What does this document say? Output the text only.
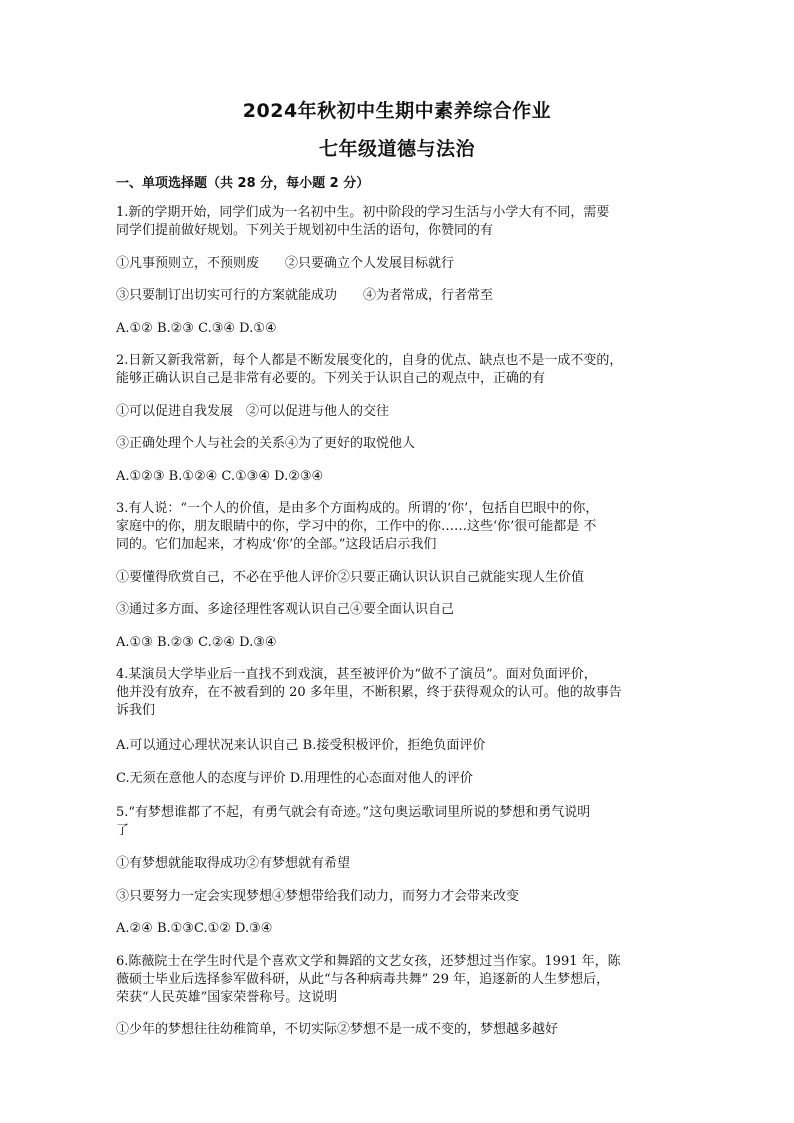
2024年秋初中生期中素养综合作业
七年级道德与法治
一、单项选择题（共 28 分，每小题 2 分）
1.新的学期开始，同学们成为一名初中生。初中阶段的学习生活与小学大有不同，需要
同学们提前做好规划。下列关于规划初中生活的语句，你赞同的有
①凡事预则立，不预则废　　②只要确立个人发展目标就行
③只要制订出切实可行的方案就能成功　　④为者常成，行者常至
A.①② B.②③ C.③④ D.①④
2.日新又新我常新，每个人都是不断发展变化的，自身的优点、缺点也不是一成不变的，
能够正确认识自己是非常有必要的。下列关于认识自己的观点中，正确的有
①可以促进自我发展　②可以促进与他人的交往
③正确处理个人与社会的关系④为了更好的取悦他人
A.①②③ B.①②④ C.①③④ D.②③④
3.有人说：“一个人的价值，是由多个方面构成的。所谓的‘你’，包括自巴眼中的你，
家庭中的你，朋友眼睛中的你，学习中的你，工作中的你……这些‘你’很可能都是 不
同的。它们加起来，才构成‘你’的全部。”这段话启示我们
①要懂得欣赏自己，不必在乎他人评价②只要正确认识认识自己就能实现人生价值
③通过多方面、多途径理性客观认识自己④要全面认识自己
A.①③ B.②③ C.②④ D.③④
4.某演员大学毕业后一直找不到戏演，甚至被评价为“做不了演员”。面对负面评价，
他并没有放弃，在不被看到的 20 多年里，不断积累，终于获得观众的认可。他的故事告
诉我们
A.可以通过心理状况来认识自己 B.接受积极评价，拒绝负面评价
C.无须在意他人的态度与评价 D.用理性的心态面对他人的评价
5.“有梦想谁都了不起，有勇气就会有奇迹。”这句奥运歌词里所说的梦想和勇气说明
了
①有梦想就能取得成功②有梦想就有希望
③只要努力一定会实现梦想④梦想带给我们动力，而努力才会带来改变
A.②④ B.①③C.①② D.③④
6.陈薇院士在学生时代是个喜欢文学和舞蹈的文艺女孩，还梦想过当作家。1991 年，陈
薇硕士毕业后选择参军做科研，从此“与各种病毒共舞” 29 年，追逐新的人生梦想后，
荣获“人民英雄”国家荣誉称号。这说明
①少年的梦想往往幼稚简单，不切实际②梦想不是一成不变的，梦想越多越好
